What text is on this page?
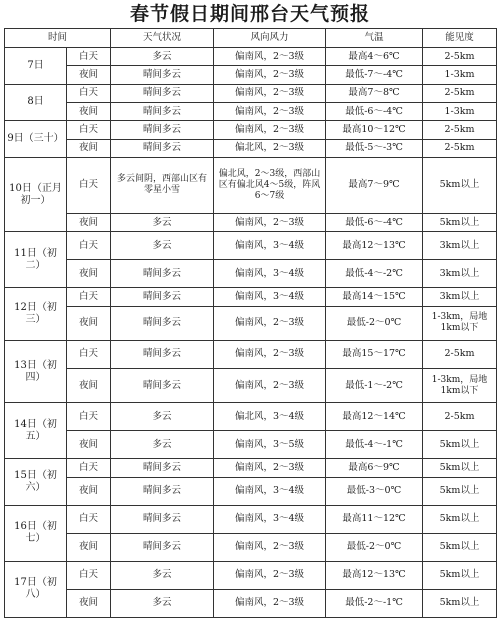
春节假日期间邢台天气预报
时间		天气状况	风向风力	气温	能见度
7日	白天	多云	偏南风，2～3级	最高4～6℃	2-5km
	夜间	晴间多云	偏南风，2～3级	最低-7～-4℃	1-3km
8日	白天	晴间多云	偏南风，2～3级	最高7～8℃	2-5km
	夜间	晴间多云	偏南风，2～3级	最低-6～-4℃	1-3km
9日（三十）	白天	晴间多云	偏南风，2～3级	最高10～12℃	2-5km
	夜间	晴间多云	偏北风，2～3级	最低-5～-3℃	2-5km
10日（正月初一）	白天	多云间阴，西部山区有零星小雪	偏北风，2～3级，西部山区有偏北风4～5级，阵风6～7级	最高7～9℃	5km以上
	夜间	多云	偏南风，2～3级	最低-6～-4℃	5km以上
11日（初二）	白天	多云	偏南风，3～4级	最高12～13℃	3km以上
	夜间	晴间多云	偏南风，3～4级	最低-4～-2℃	3km以上
12日（初三）	白天	晴间多云	偏南风，3～4级	最高14～15℃	3km以上
	夜间	晴间多云	偏南风，2～3级	最低-2～0℃	1-3km，局地1km以下
13日（初四）	白天	晴间多云	偏南风，2～3级	最高15～17℃	2-5km
	夜间	晴间多云	偏南风，2～3级	最低-1～-2℃	1-3km，局地1km以下
14日（初五）	白天	多云	偏北风，3～4级	最高12～14℃	2-5km
	夜间	多云	偏南风，3～5级	最低-4～-1℃	5km以上
15日（初六）	白天	晴间多云	偏南风，2～3级	最高6～9℃	5km以上
	夜间	晴间多云	偏南风，3～4级	最低-3～0℃	5km以上
16日（初七）	白天	晴间多云	偏南风，3～4级	最高11～12℃	5km以上
	夜间	晴间多云	偏南风，2～3级	最低-2～0℃	5km以上
17日（初八）	白天	多云	偏南风，2～3级	最高12～13℃	5km以上
	夜间	多云	偏南风，2～3级	最低-2～-1℃	5km以上
